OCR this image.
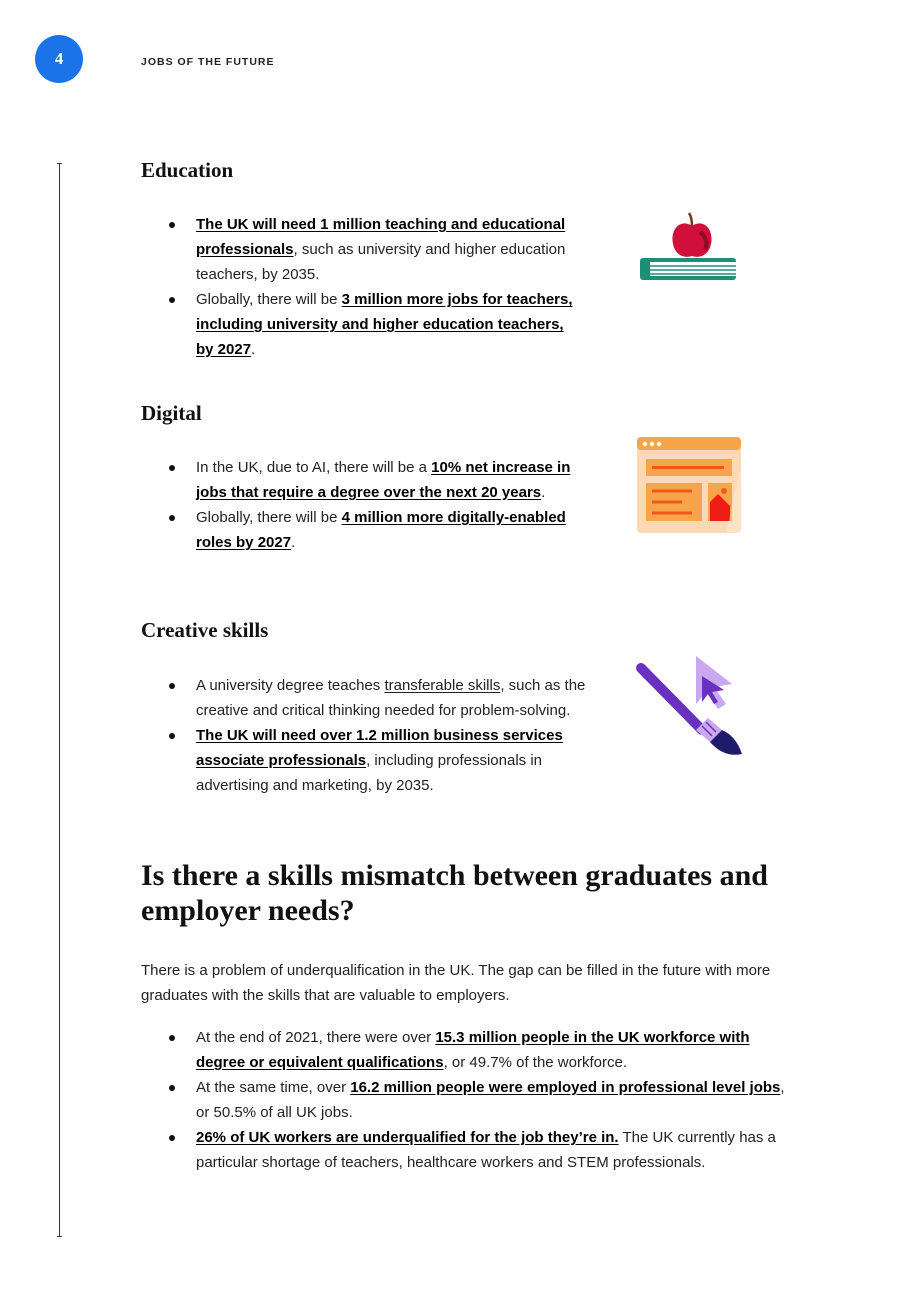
4	JOBS OF THE FUTURE
Education
The UK will need 1 million teaching and educational professionals, such as university and higher education teachers, by 2035.
Globally, there will be 3 million more jobs for teachers, including university and higher education teachers, by 2027.
Digital
In the UK, due to AI, there will be a 10% net increase in jobs that require a degree over the next 20 years.
Globally, there will be 4 million more digitally-enabled roles by 2027.
Creative skills
A university degree teaches transferable skills, such as the creative and critical thinking needed for problem-solving.
The UK will need over 1.2 million business services associate professionals, including professionals in advertising and marketing, by 2035.
Is there a skills mismatch between graduates and employer needs?

There is a problem of underqualification in the UK. The gap can be filled in the future with more graduates with the skills that are valuable to employers.

At the end of 2021, there were over 15.3 million people in the UK workforce with degree or equivalent qualifications, or 49.7% of the workforce.
At the same time, over 16.2 million people were employed in professional level jobs, or 50.5% of all UK jobs.
26% of UK workers are underqualified for the job they’re in. The UK currently has a particular shortage of teachers, healthcare workers and STEM professionals.
